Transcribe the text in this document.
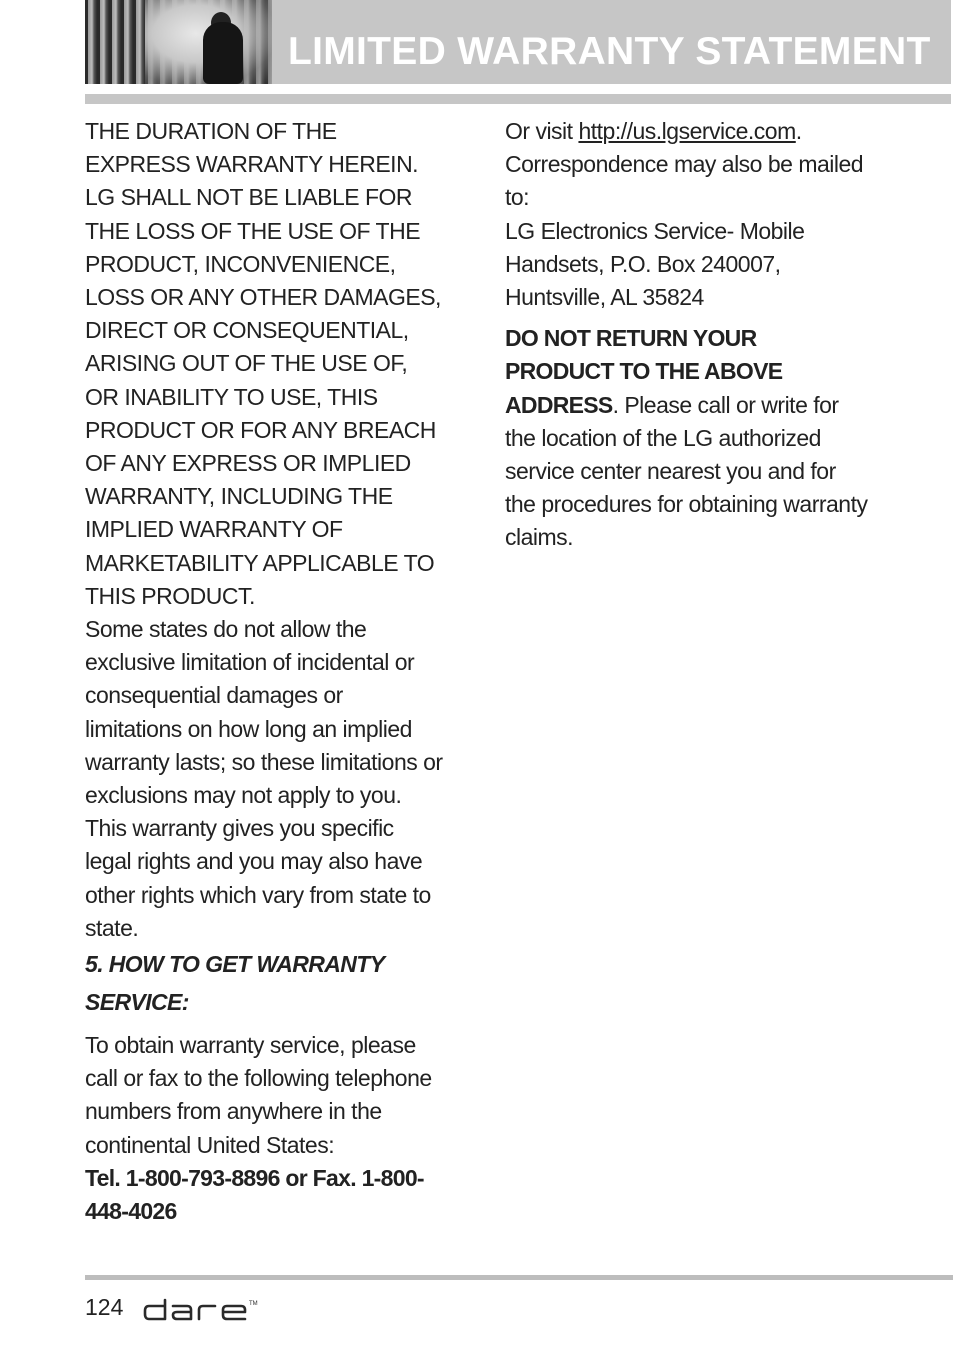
LIMITED WARRANTY STATEMENT

THE DURATION OF THE EXPRESS WARRANTY HEREIN. LG SHALL NOT BE LIABLE FOR THE LOSS OF THE USE OF THE PRODUCT, INCONVENIENCE, LOSS OR ANY OTHER DAMAGES, DIRECT OR CONSEQUENTIAL, ARISING OUT OF THE USE OF, OR INABILITY TO USE, THIS PRODUCT OR FOR ANY BREACH OF ANY EXPRESS OR IMPLIED WARRANTY, INCLUDING THE IMPLIED WARRANTY OF MARKETABILITY APPLICABLE TO THIS PRODUCT.

Some states do not allow the exclusive limitation of incidental or consequential damages or limitations on how long an implied warranty lasts; so these limitations or exclusions may not apply to you. This warranty gives you specific legal rights and you may also have other rights which vary from state to state.

5. HOW TO GET WARRANTY SERVICE:

To obtain warranty service, please call or fax to the following telephone numbers from anywhere in the continental United States:

Tel. 1-800-793-8896 or Fax. 1-800-448-4026

Or visit http://us.lgservice.com.

Correspondence may also be mailed to:

LG Electronics Service- Mobile Handsets, P.O. Box 240007, Huntsville, AL 35824

DO NOT RETURN YOUR PRODUCT TO THE ABOVE ADDRESS. Please call or write for the location of the LG authorized service center nearest you and for the procedures for obtaining warranty claims.

124	TM
